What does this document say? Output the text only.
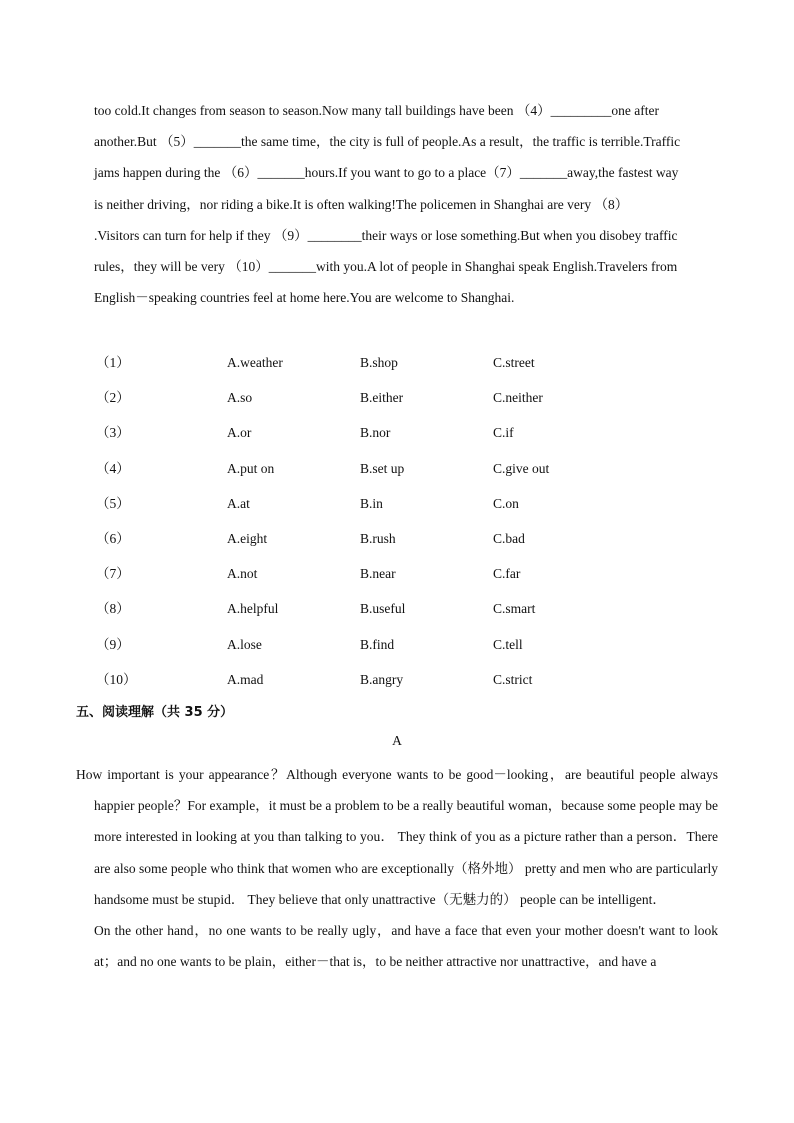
too cold.It changes from season to season.Now many tall buildings have been （4）_________one after
another.But （5）_______the same time，the city is full of people.As a result，the traffic is terrible.Traffic
jams happen during the （6）_______hours.If you want to go to a place（7）_______away,the fastest way
is neither driving，nor riding a bike.It is often walking!The policemen in Shanghai are very （8）
.Visitors can turn for help if they （9）________their ways or lose something.But when you disobey traffic
rules，they will be very （10）_______with you.A lot of people in Shanghai speak English.Travelers from
English－speaking countries feel at home here.You are welcome to Shanghai.
（1）	A.weather	B.shop	C.street
（2）	A.so	B.either	C.neither
（3）	A.or	B.nor	C.if
（4）	A.put on	B.set up	C.give out
（5）	A.at	B.in	C.on
（6）	A.eight	B.rush	C.bad
（7）	A.not	B.near	C.far
（8）	A.helpful	B.useful	C.smart
（9）	A.lose	B.find	C.tell
（10）	A.mad	B.angry	C.strict
五、阅读理解（共 35 分）
A

How important is your appearance？Although everyone wants to be good－looking，are beautiful people always happier people？For example，it must be a problem to be a really beautiful woman，because some people may be more interested in looking at you than talking to you． They think of you as a picture rather than a person．There are also some people who think that women who are exceptionally（格外地） pretty and men who are particularly handsome must be stupid． They believe that only unattractive（无魅力的） people can be intelligent．

On the other hand，no one wants to be really ugly，and have a face that even your mother doesn't want to look at；and no one wants to be plain，either－that is，to be neither attractive nor unattractive，and have a
